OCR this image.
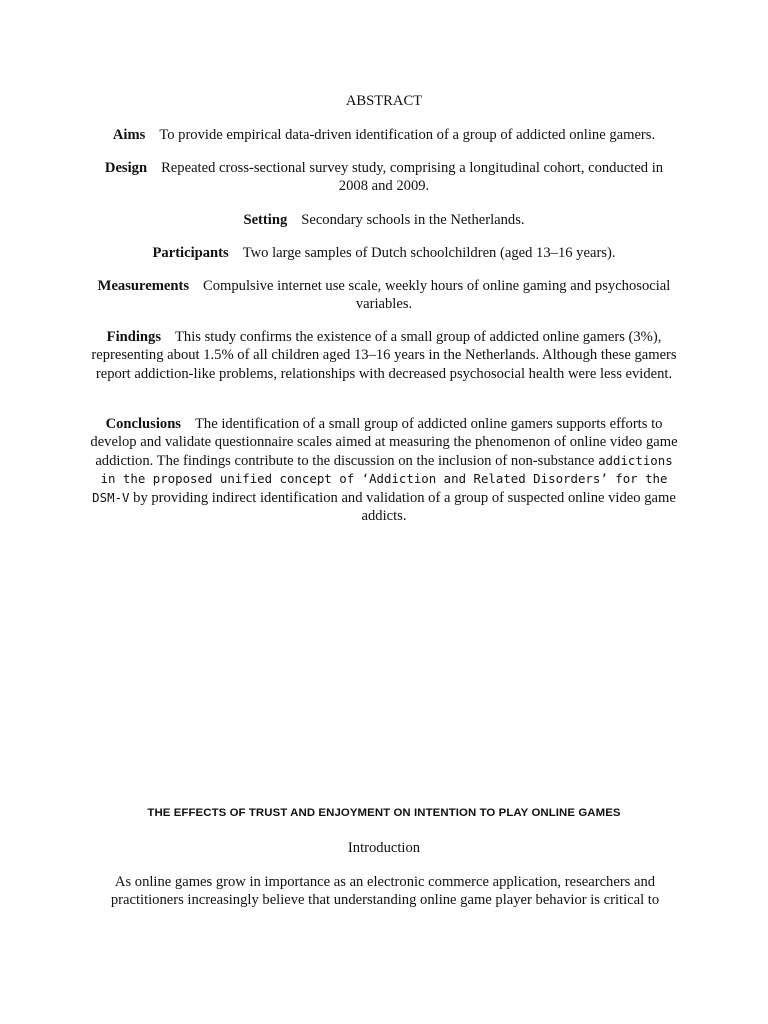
ABSTRACT
Aims To provide empirical data-driven identification of a group of addicted online gamers.
Design Repeated cross-sectional survey study, comprising a longitudinal cohort, conducted in 2008 and 2009.
Setting Secondary schools in the Netherlands.
Participants Two large samples of Dutch schoolchildren (aged 13–16 years).
Measurements Compulsive internet use scale, weekly hours of online gaming and psychosocial variables.
Findings This study confirms the existence of a small group of addicted online gamers (3%), representing about 1.5% of all children aged 13–16 years in the Netherlands. Although these gamers report addiction-like problems, relationships with decreased psychosocial health were less evident.
Conclusions The identification of a small group of addicted online gamers supports efforts to develop and validate questionnaire scales aimed at measuring the phenomenon of online video game addiction. The findings contribute to the discussion on the inclusion of non-substance addictions in the proposed unified concept of ‘Addiction and Related Disorders’ for the DSM-V by providing indirect identification and validation of a group of suspected online video game addicts.
THE EFFECTS OF TRUST AND ENJOYMENT ON INTENTION TO PLAY ONLINE GAMES
Introduction
As online games grow in importance as an electronic commerce application, researchers and practitioners increasingly believe that understanding online game player behavior is critical to
